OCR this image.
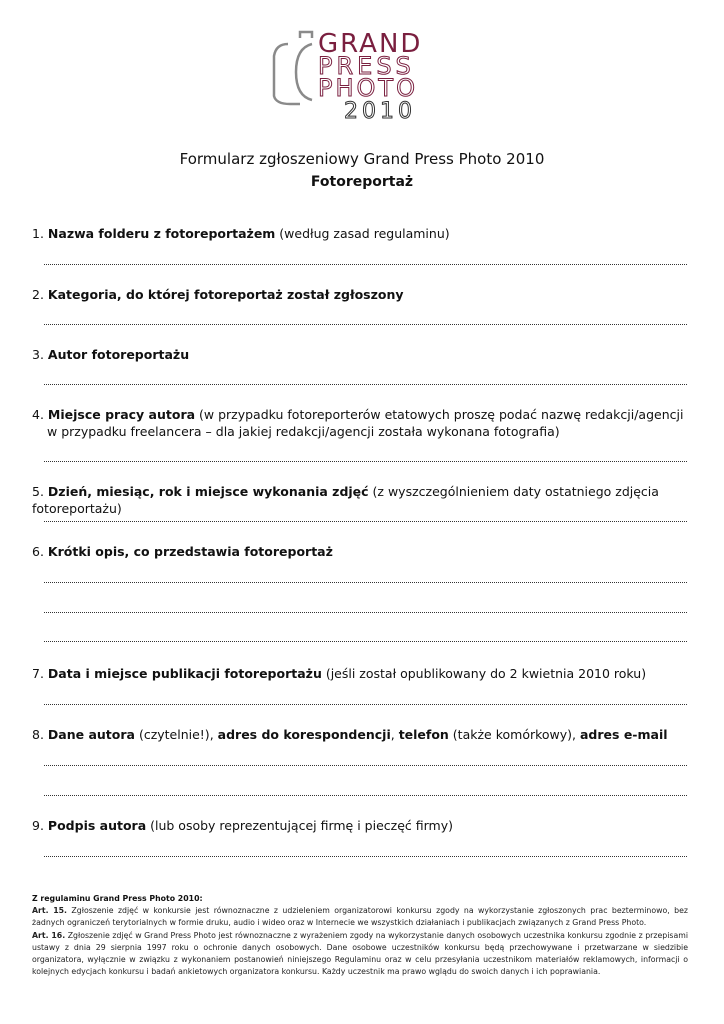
GRAND
PRESS
PHOTO
2010
Formularz zgłoszeniowy Grand Press Photo 2010
Fotoreportaż
1. Nazwa folderu z fotoreportażem (według zasad regulaminu)
2. Kategoria, do której fotoreportaż został zgłoszony
3. Autor fotoreportażu
4. Miejsce pracy autora (w przypadku fotoreporterów etatowych proszę podać nazwę redakcji/agencji
w przypadku freelancera – dla jakiej redakcji/agencji została wykonana fotografia)
5. Dzień, miesiąc, rok i miejsce wykonania zdjęć (z wyszczególnieniem daty ostatniego zdjęcia fotoreportażu)
6. Krótki opis, co przedstawia fotoreportaż
7. Data i miejsce publikacji fotoreportażu (jeśli został opublikowany do 2 kwietnia 2010 roku)
8. Dane autora (czytelnie!), adres do korespondencji, telefon (także komórkowy), adres e-mail
9. Podpis autora (lub osoby reprezentującej firmę i pieczęć firmy)
Z regulaminu Grand Press Photo 2010:
Art. 15. Zgłoszenie zdjęć w konkursie jest równoznaczne z udzieleniem organizatorowi konkursu zgody na wykorzystanie zgłoszonych prac bezterminowo, bez żadnych ograniczeń terytorialnych w formie druku, audio i wideo oraz w Internecie we wszystkich działaniach i publikacjach związanych z Grand Press Photo.
Art. 16. Zgłoszenie zdjęć w Grand Press Photo jest równoznaczne z wyrażeniem zgody na wykorzystanie danych osobowych uczestnika konkursu zgodnie z przepisami ustawy z dnia 29 sierpnia 1997 roku o ochronie danych osobowych. Dane osobowe uczestników konkursu będą przechowywane i przetwarzane w siedzibie organizatora, wyłącznie w związku z wykonaniem postanowień niniejszego Regulaminu oraz w celu przesyłania uczestnikom materiałów reklamowych, informacji o kolejnych edycjach konkursu i badań ankietowych organizatora konkursu. Każdy uczestnik ma prawo wglądu do swoich danych i ich poprawiania.
